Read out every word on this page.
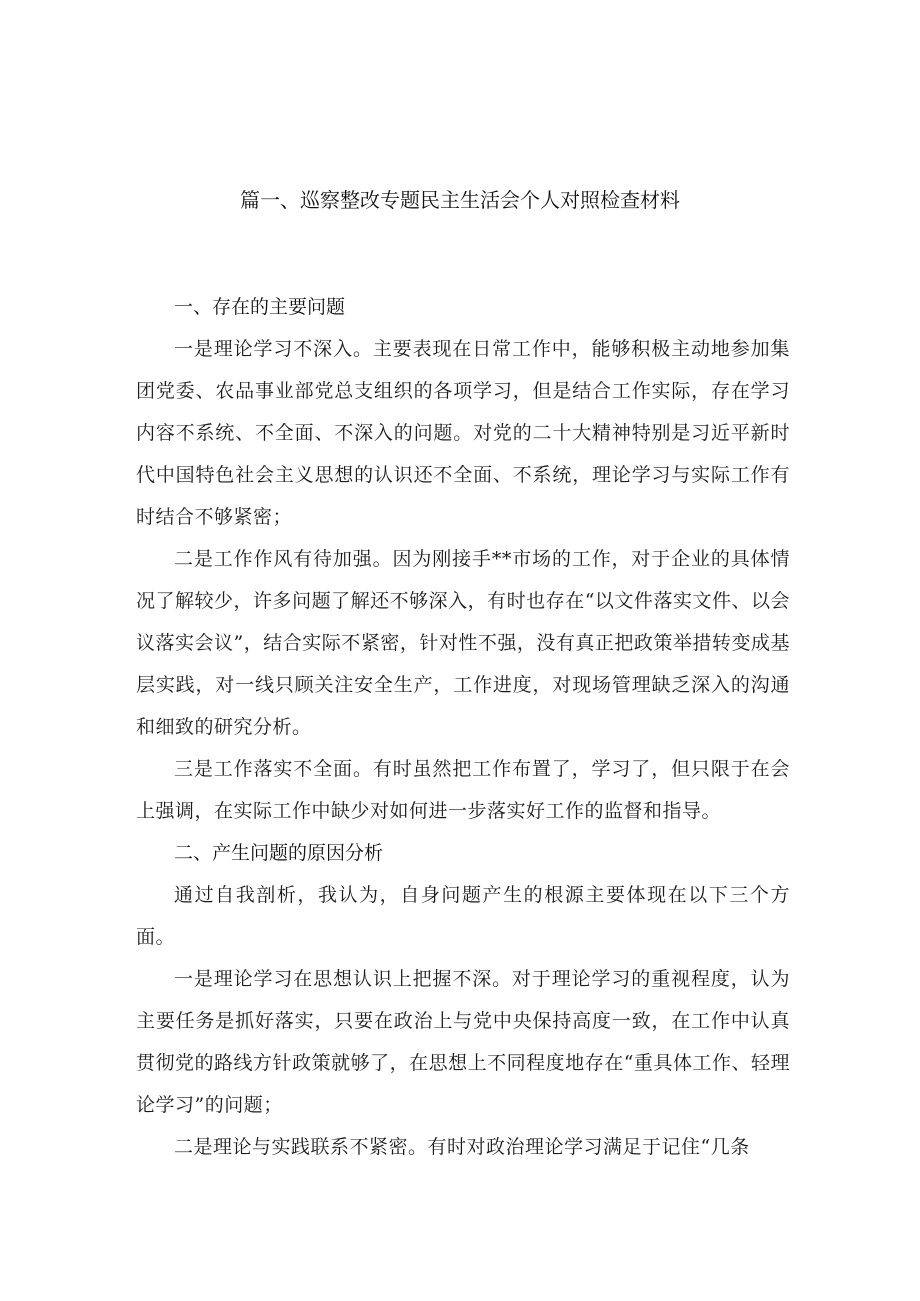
篇一、巡察整改专题民主生活会个人对照检查材料
一、存在的主要问题

一是理论学习不深入。主要表现在日常工作中，能够积极主动地参加集团党委、农品事业部党总支组织的各项学习，但是结合工作实际，存在学习内容不系统、不全面、不深入的问题。对党的二十大精神特别是习近平新时代中国特色社会主义思想的认识还不全面、不系统，理论学习与实际工作有时结合不够紧密；

二是工作作风有待加强。因为刚接手**市场的工作，对于企业的具体情况了解较少，许多问题了解还不够深入，有时也存在“以文件落实文件、以会议落实会议”，结合实际不紧密，针对性不强，没有真正把政策举措转变成基层实践，对一线只顾关注安全生产，工作进度，对现场管理缺乏深入的沟通和细致的研究分析。

三是工作落实不全面。有时虽然把工作布置了，学习了，但只限于在会上强调，在实际工作中缺少对如何进一步落实好工作的监督和指导。

二、产生问题的原因分析

通过自我剖析，我认为，自身问题产生的根源主要体现在以下三个方面。

一是理论学习在思想认识上把握不深。对于理论学习的重视程度，认为主要任务是抓好落实，只要在政治上与党中央保持高度一致，在工作中认真贯彻党的路线方针政策就够了，在思想上不同程度地存在“重具体工作、轻理论学习”的问题；

二是理论与实践联系不紧密。有时对政治理论学习满足于记住“几条
